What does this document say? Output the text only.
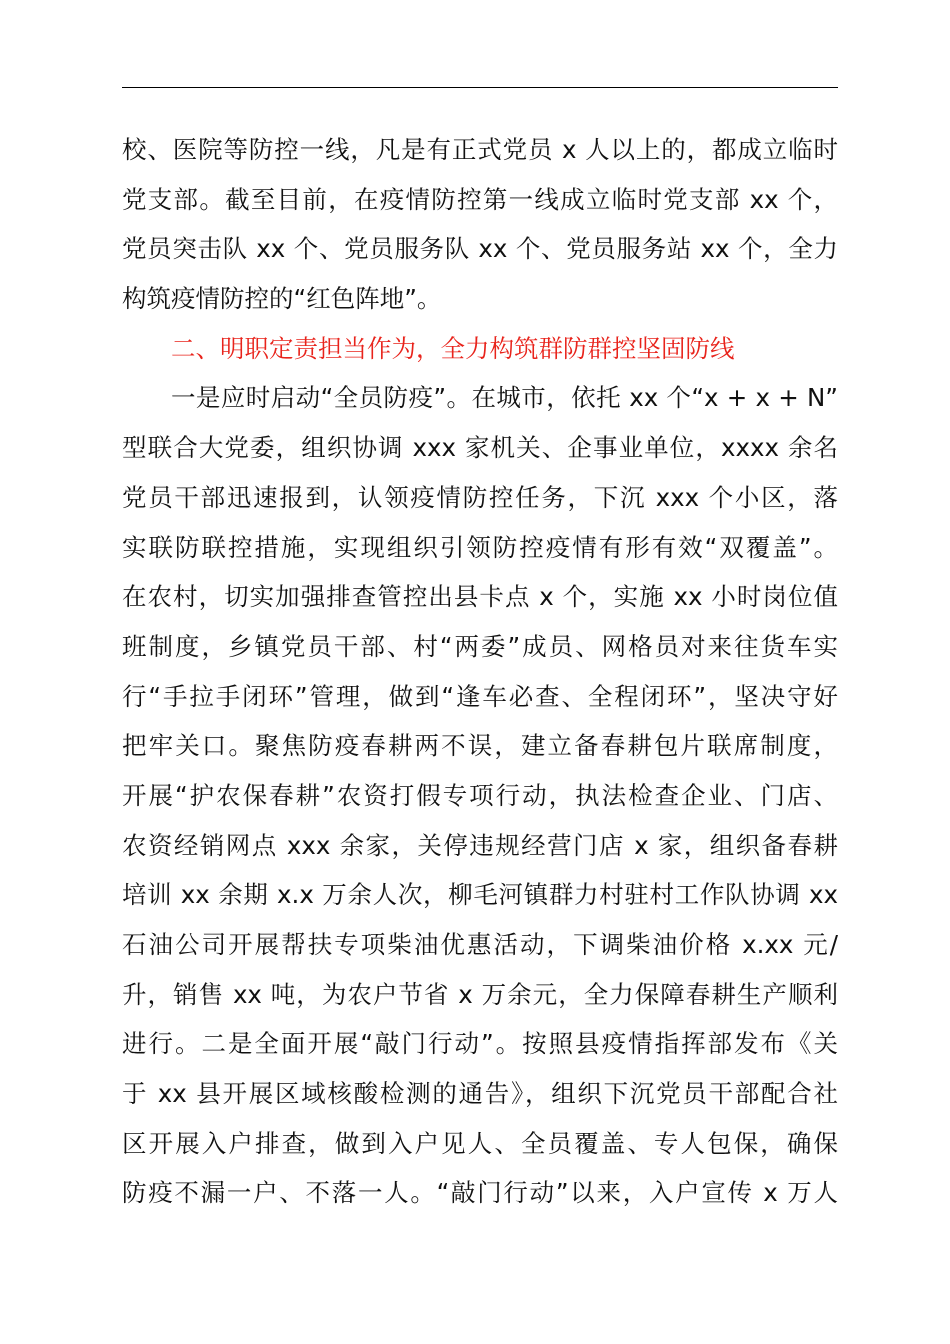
校、医院等防控一线，凡是有正式党员 x 人以上的，都成立临时
党支部。截至目前，在疫情防控第一线成立临时党支部 xx 个，
党员突击队 xx 个、党员服务队 xx 个、党员服务站 xx 个，全力
构筑疫情防控的“红色阵地”。
二、明职定责担当作为，全力构筑群防群控坚固防线
一是应时启动“全员防疫”。在城市，依托 xx 个“x + x + N”
型联合大党委，组织协调 xxx 家机关、企事业单位，xxxx 余名
党员干部迅速报到，认领疫情防控任务，下沉 xxx 个小区，落
实联防联控措施，实现组织引领防控疫情有形有效“双覆盖”。
在农村，切实加强排查管控出县卡点 x 个，实施 xx 小时岗位值
班制度，乡镇党员干部、村“两委”成员、网格员对来往货车实
行“手拉手闭环”管理，做到“逢车必查、全程闭环”，坚决守好
把牢关口。聚焦防疫春耕两不误，建立备春耕包片联席制度，
开展“护农保春耕”农资打假专项行动，执法检查企业、门店、
农资经销网点 xxx 余家，关停违规经营门店 x 家，组织备春耕
培训 xx 余期 x.x 万余人次，柳毛河镇群力村驻村工作队协调 xx
石油公司开展帮扶专项柴油优惠活动，下调柴油价格 x.xx 元/
升，销售 xx 吨，为农户节省 x 万余元，全力保障春耕生产顺利
进行。二是全面开展“敲门行动”。按照县疫情指挥部发布《关
于 xx 县开展区域核酸检测的通告》，组织下沉党员干部配合社
区开展入户排查，做到入户见人、全员覆盖、专人包保，确保
防疫不漏一户、不落一人。“敲门行动”以来，入户宣传 x 万人
